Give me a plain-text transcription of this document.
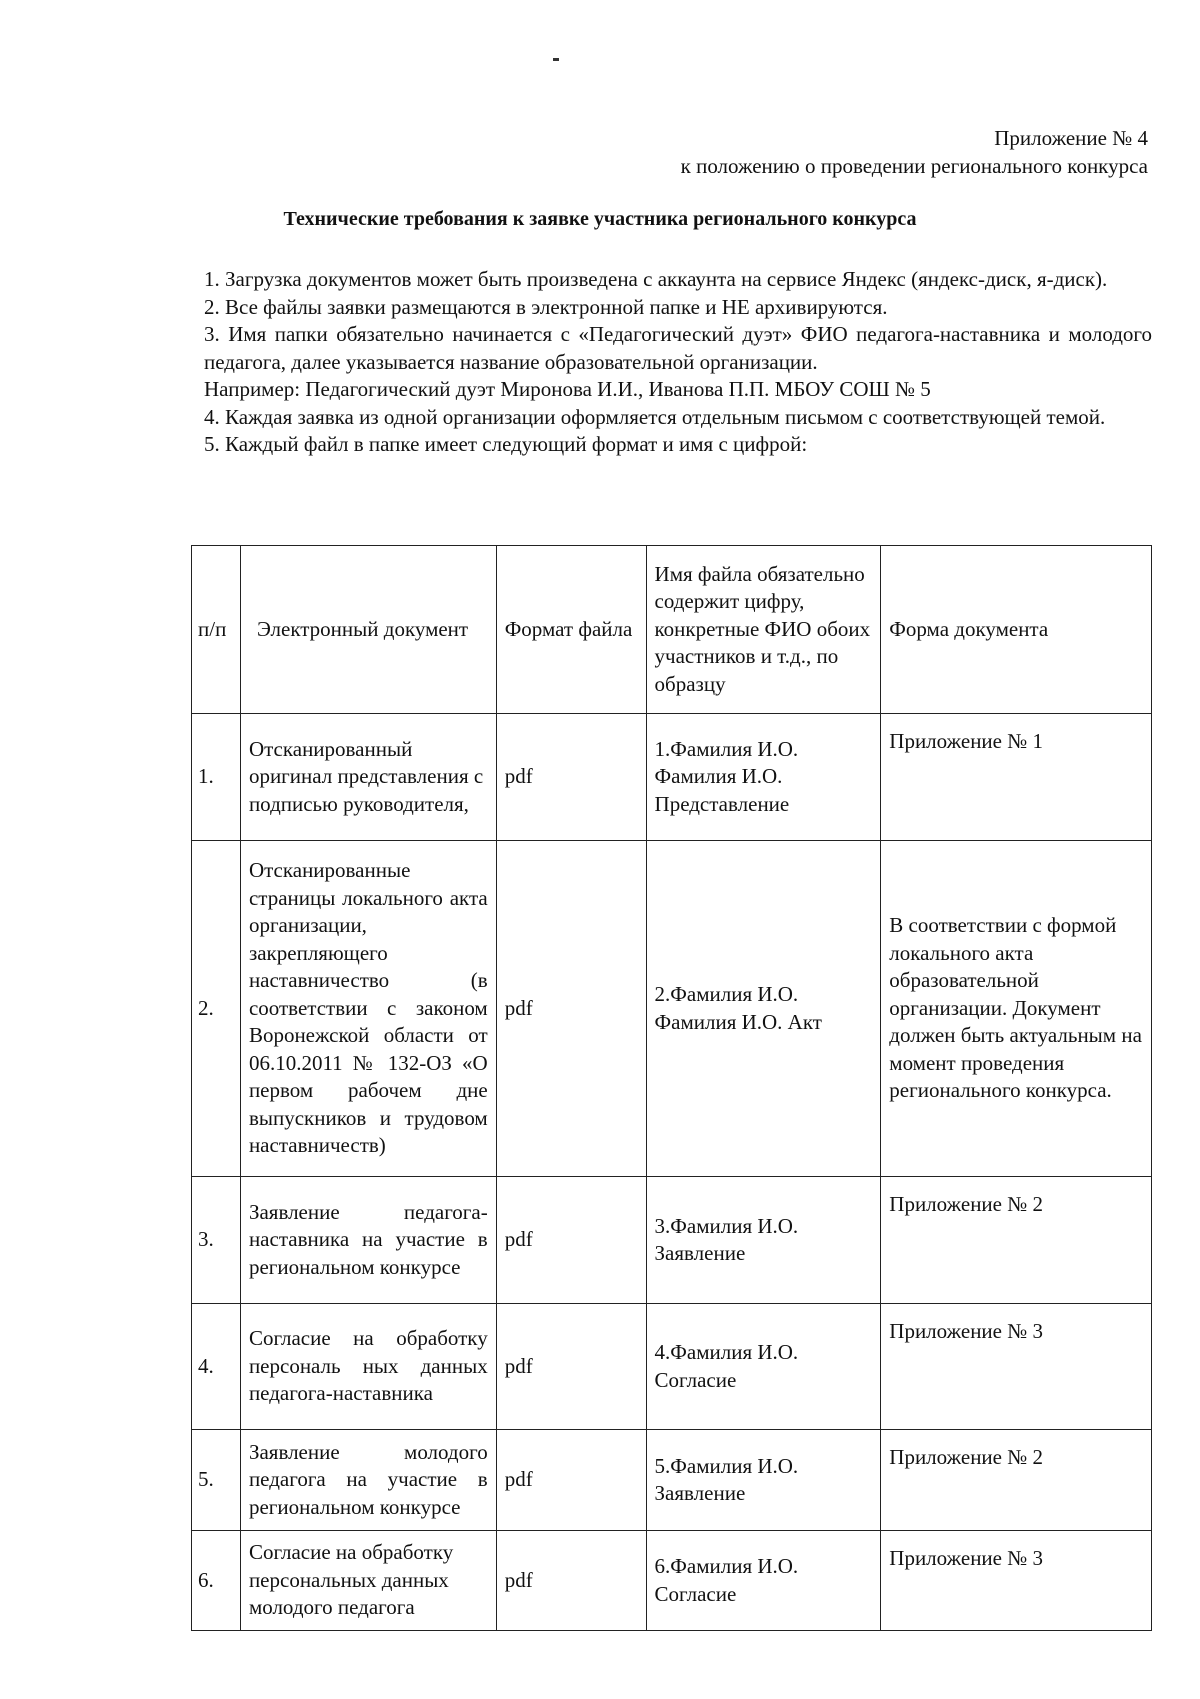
Приложение № 4
к положению о проведении регионального конкурса
Технические требования к заявке участника регионального конкурса

1. Загрузка документов может быть произведена с аккаунта на сервисе Яндекс (яндекс-диск, я-диск).

2. Все файлы заявки размещаются в электронной папке и НЕ архивируются.

3. Имя папки обязательно начинается с «Педагогический дуэт» ФИО педагога-наставника и молодого педагога, далее указывается название образовательной организации.

Например: Педагогический дуэт Миронова И.И., Иванова П.П. МБОУ СОШ № 5

4. Каждая заявка из одной организации оформляется отдельным письмом с соответствующей темой.

5. Каждый файл в папке имеет следующий формат и имя с цифрой:

п/п	Электронный документ	Формат файла	Имя файла обязательно содержит цифру, конкретные ФИО обоих участников и т.д., по образцу	Форма документа
1.	Отсканированный оригинал представления с подписью руководителя,	pdf	1.Фамилия И.О. Фамилия И.О. Представление	Приложение № 1
2.	Отсканированные страницы локального акта организации, закрепляющего наставничество (в соответствии с законом Воронежской области от 06.10.2011 № 132-ОЗ «О первом рабочем дне выпускников и трудовом наставничеств)	pdf	2.Фамилия И.О. Фамилия И.О. Акт	В соответствии с формой локального акта образовательной организации. Документ должен быть актуальным на момент проведения регионального конкурса.
3.	Заявление педагога-наставника на участие в региональном конкурсе	pdf	3.Фамилия И.О. Заявление	Приложение № 2
4.	Согласие на обработку персональ ных данных педагога-наставника	pdf	4.Фамилия И.О. Согласие	Приложение № 3
5.	Заявление молодого педагога на участие в региональном конкурсе	pdf	5.Фамилия И.О. Заявление	Приложение № 2
6.	Согласие на обработку персональных данных молодого педагога	pdf	6.Фамилия И.О. Согласие	Приложение № 3
